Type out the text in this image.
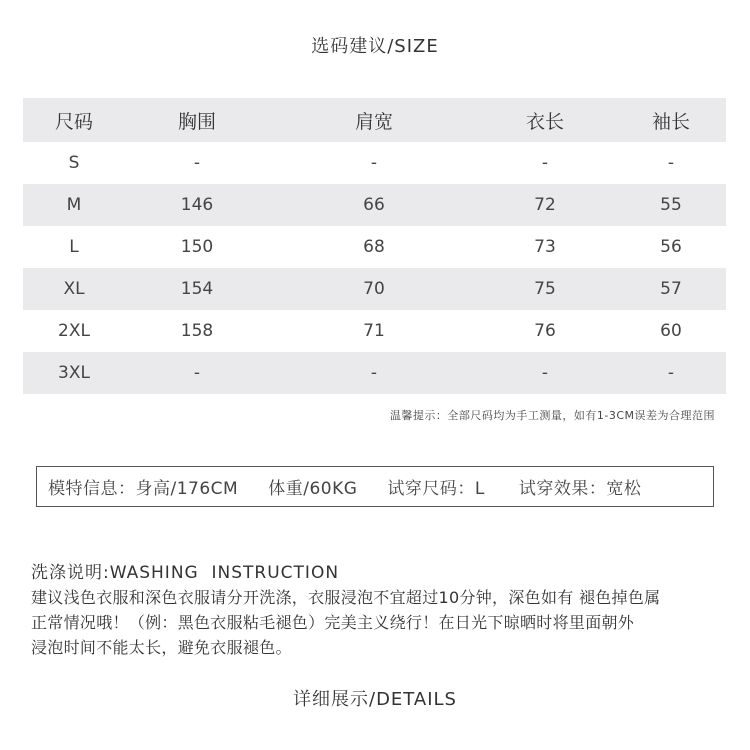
选码建议/SIZE
尺码	胸围	肩宽	衣长	袖长
S	-	-	-	-
M	146	66	72	55
L	150	68	73	56
XL	154	70	75	57
2XL	158	71	76	60
3XL	-	-	-	-
温馨提示：全部尺码均为手工测量，如有1-3CM误差为合理范围
模特信息：身高/176CM 体重/60KG 试穿尺码：L 试穿效果：宽松
洗涤说明:WASHING  INSTRUCTION
建议浅色衣服和深色衣服请分开洗涤，衣服浸泡不宜超过10分钟，深色如有 褪色掉色属
正常情况哦！（例：黑色衣服粘毛褪色）完美主义绕行！在日光下晾晒时将里面朝外
浸泡时间不能太长，避免衣服褪色。
详细展示/DETAILS
